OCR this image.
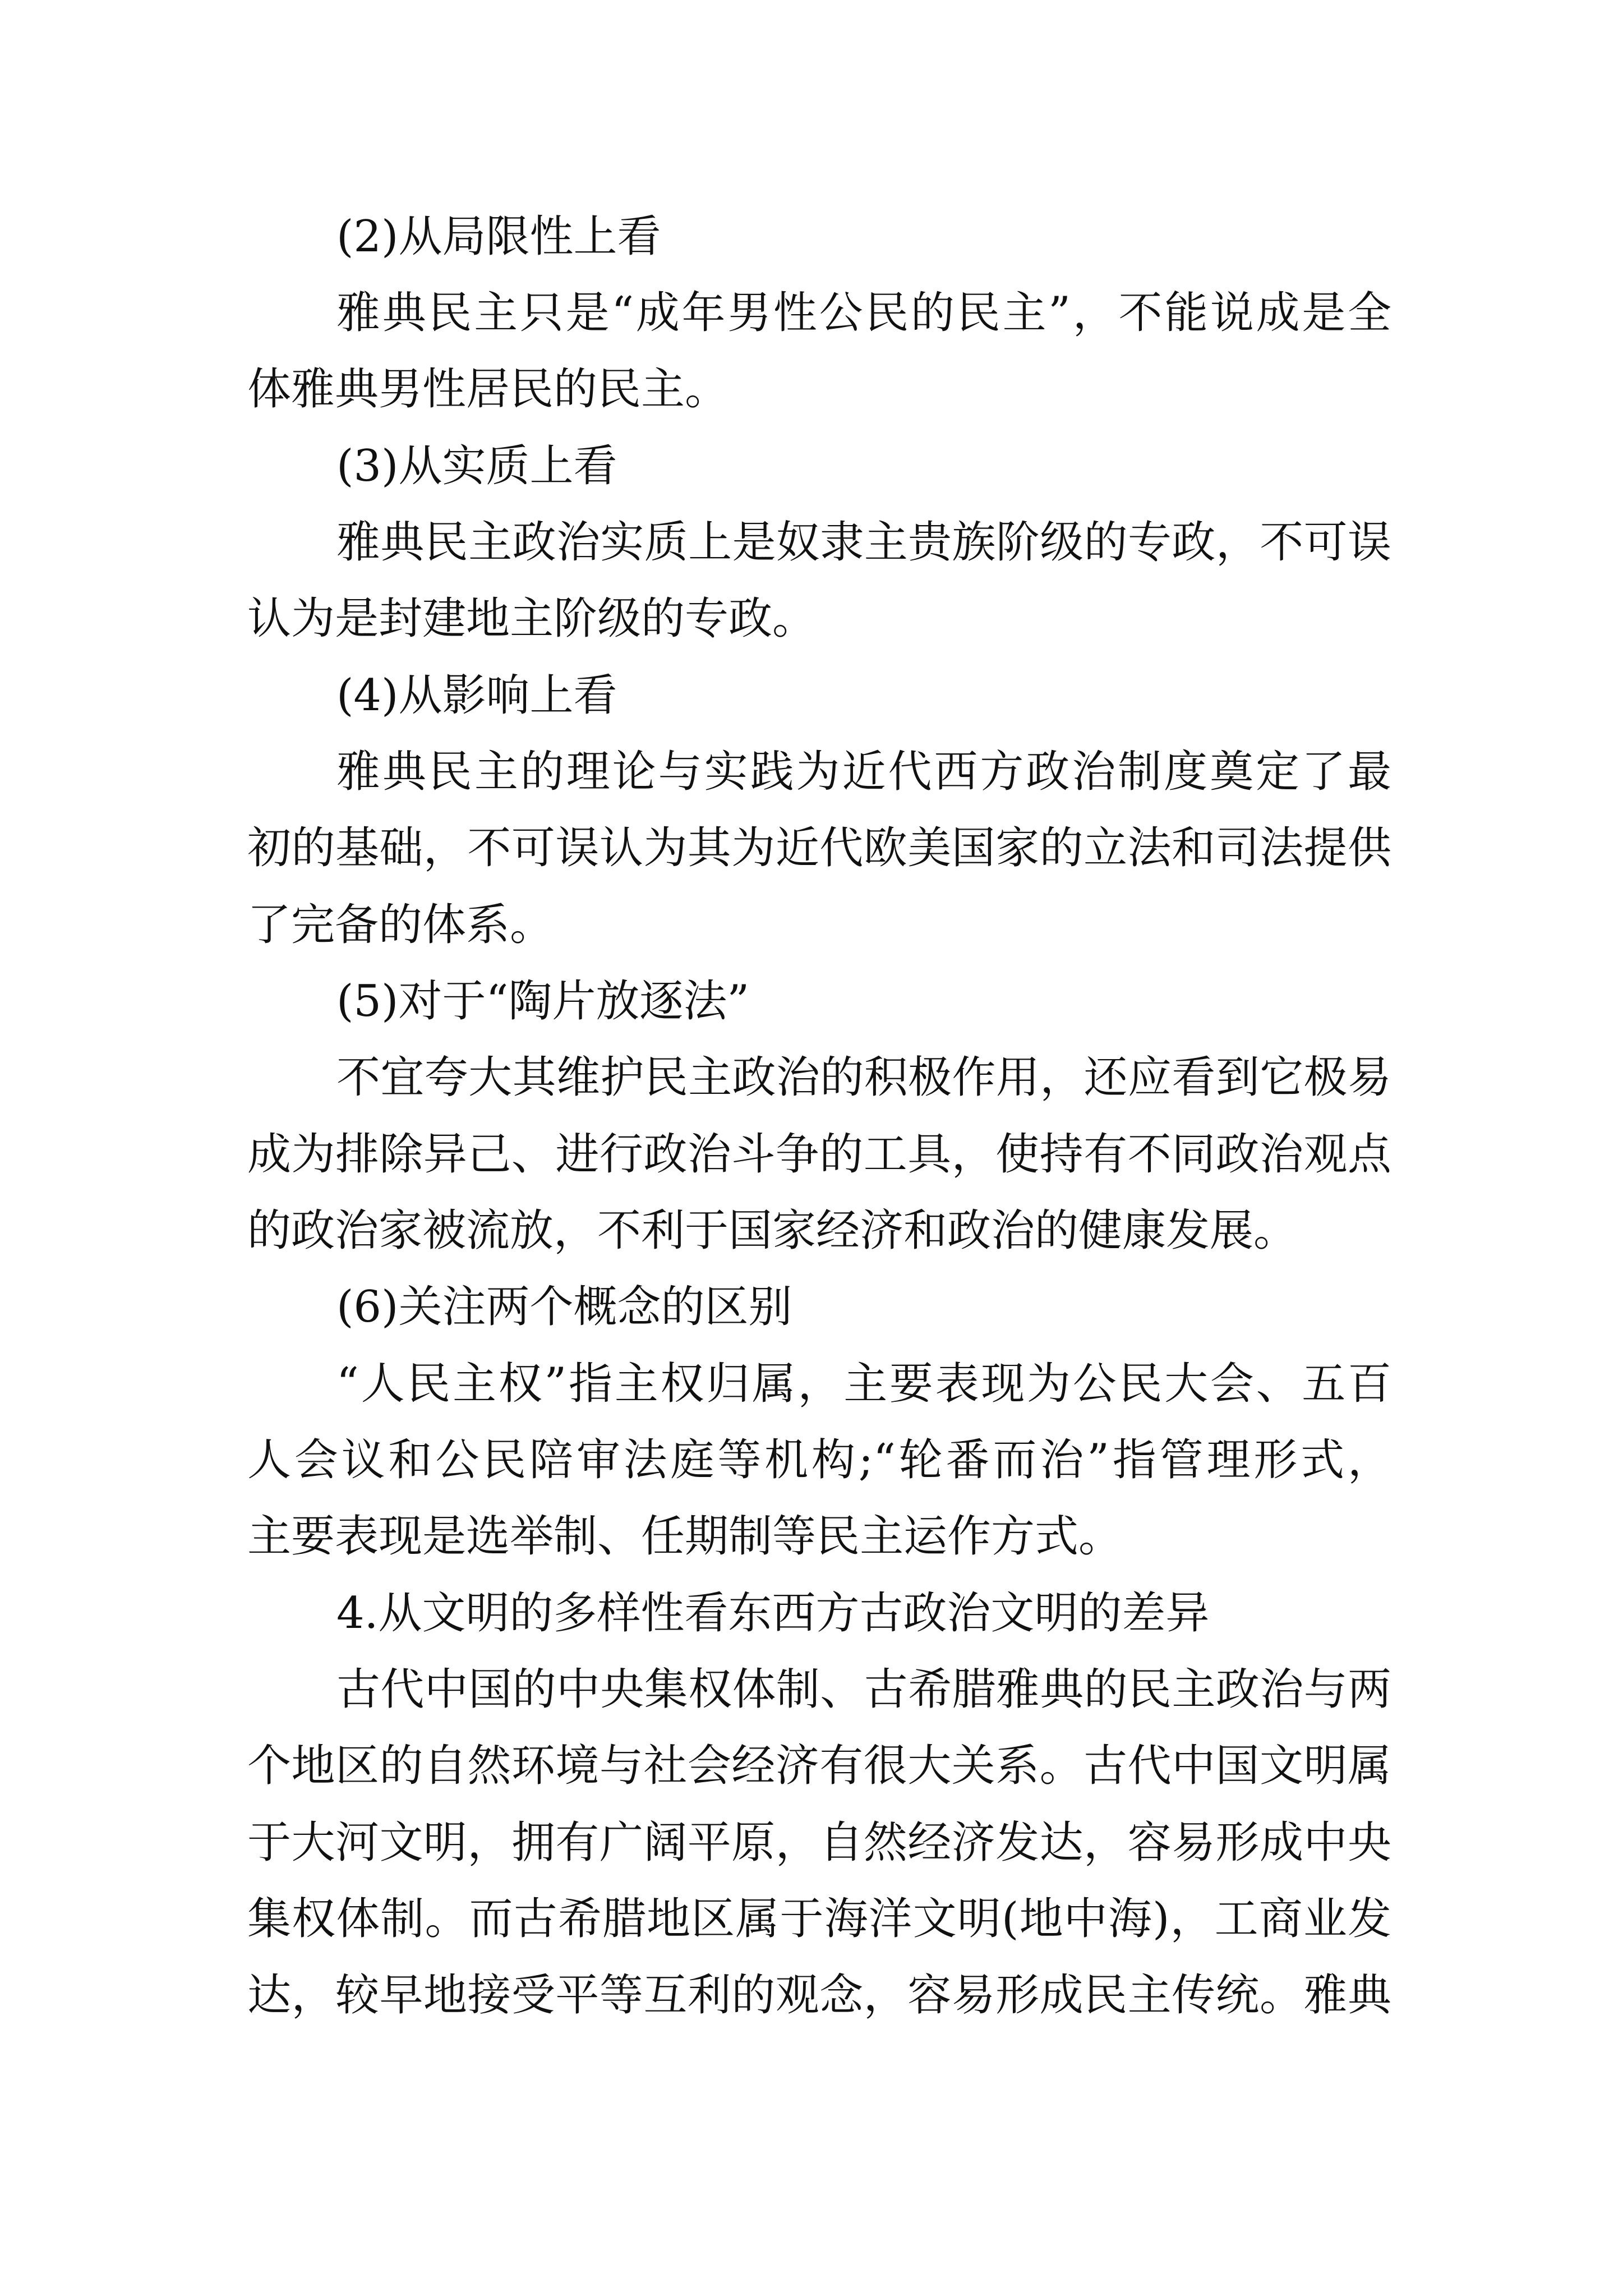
(2)从局限性上看
雅典民主只是“成年男性公民的民主”，不能说成是全
体雅典男性居民的民主。
(3)从实质上看
雅典民主政治实质上是奴隶主贵族阶级的专政，不可误
认为是封建地主阶级的专政。
(4)从影响上看
雅典民主的理论与实践为近代西方政治制度奠定了最
初的基础，不可误认为其为近代欧美国家的立法和司法提供
了完备的体系。
(5)对于“陶片放逐法”
不宜夸大其维护民主政治的积极作用，还应看到它极易
成为排除异己、进行政治斗争的工具，使持有不同政治观点
的政治家被流放，不利于国家经济和政治的健康发展。
(6)关注两个概念的区别
“人民主权”指主权归属，主要表现为公民大会、五百
人会议和公民陪审法庭等机构;“轮番而治”指管理形式，
主要表现是选举制、任期制等民主运作方式。
4.从文明的多样性看东西方古政治文明的差异
古代中国的中央集权体制、古希腊雅典的民主政治与两
个地区的自然环境与社会经济有很大关系。古代中国文明属
于大河文明，拥有广阔平原，自然经济发达，容易形成中央
集权体制。而古希腊地区属于海洋文明(地中海)，工商业发
达，较早地接受平等互利的观念，容易形成民主传统。雅典
